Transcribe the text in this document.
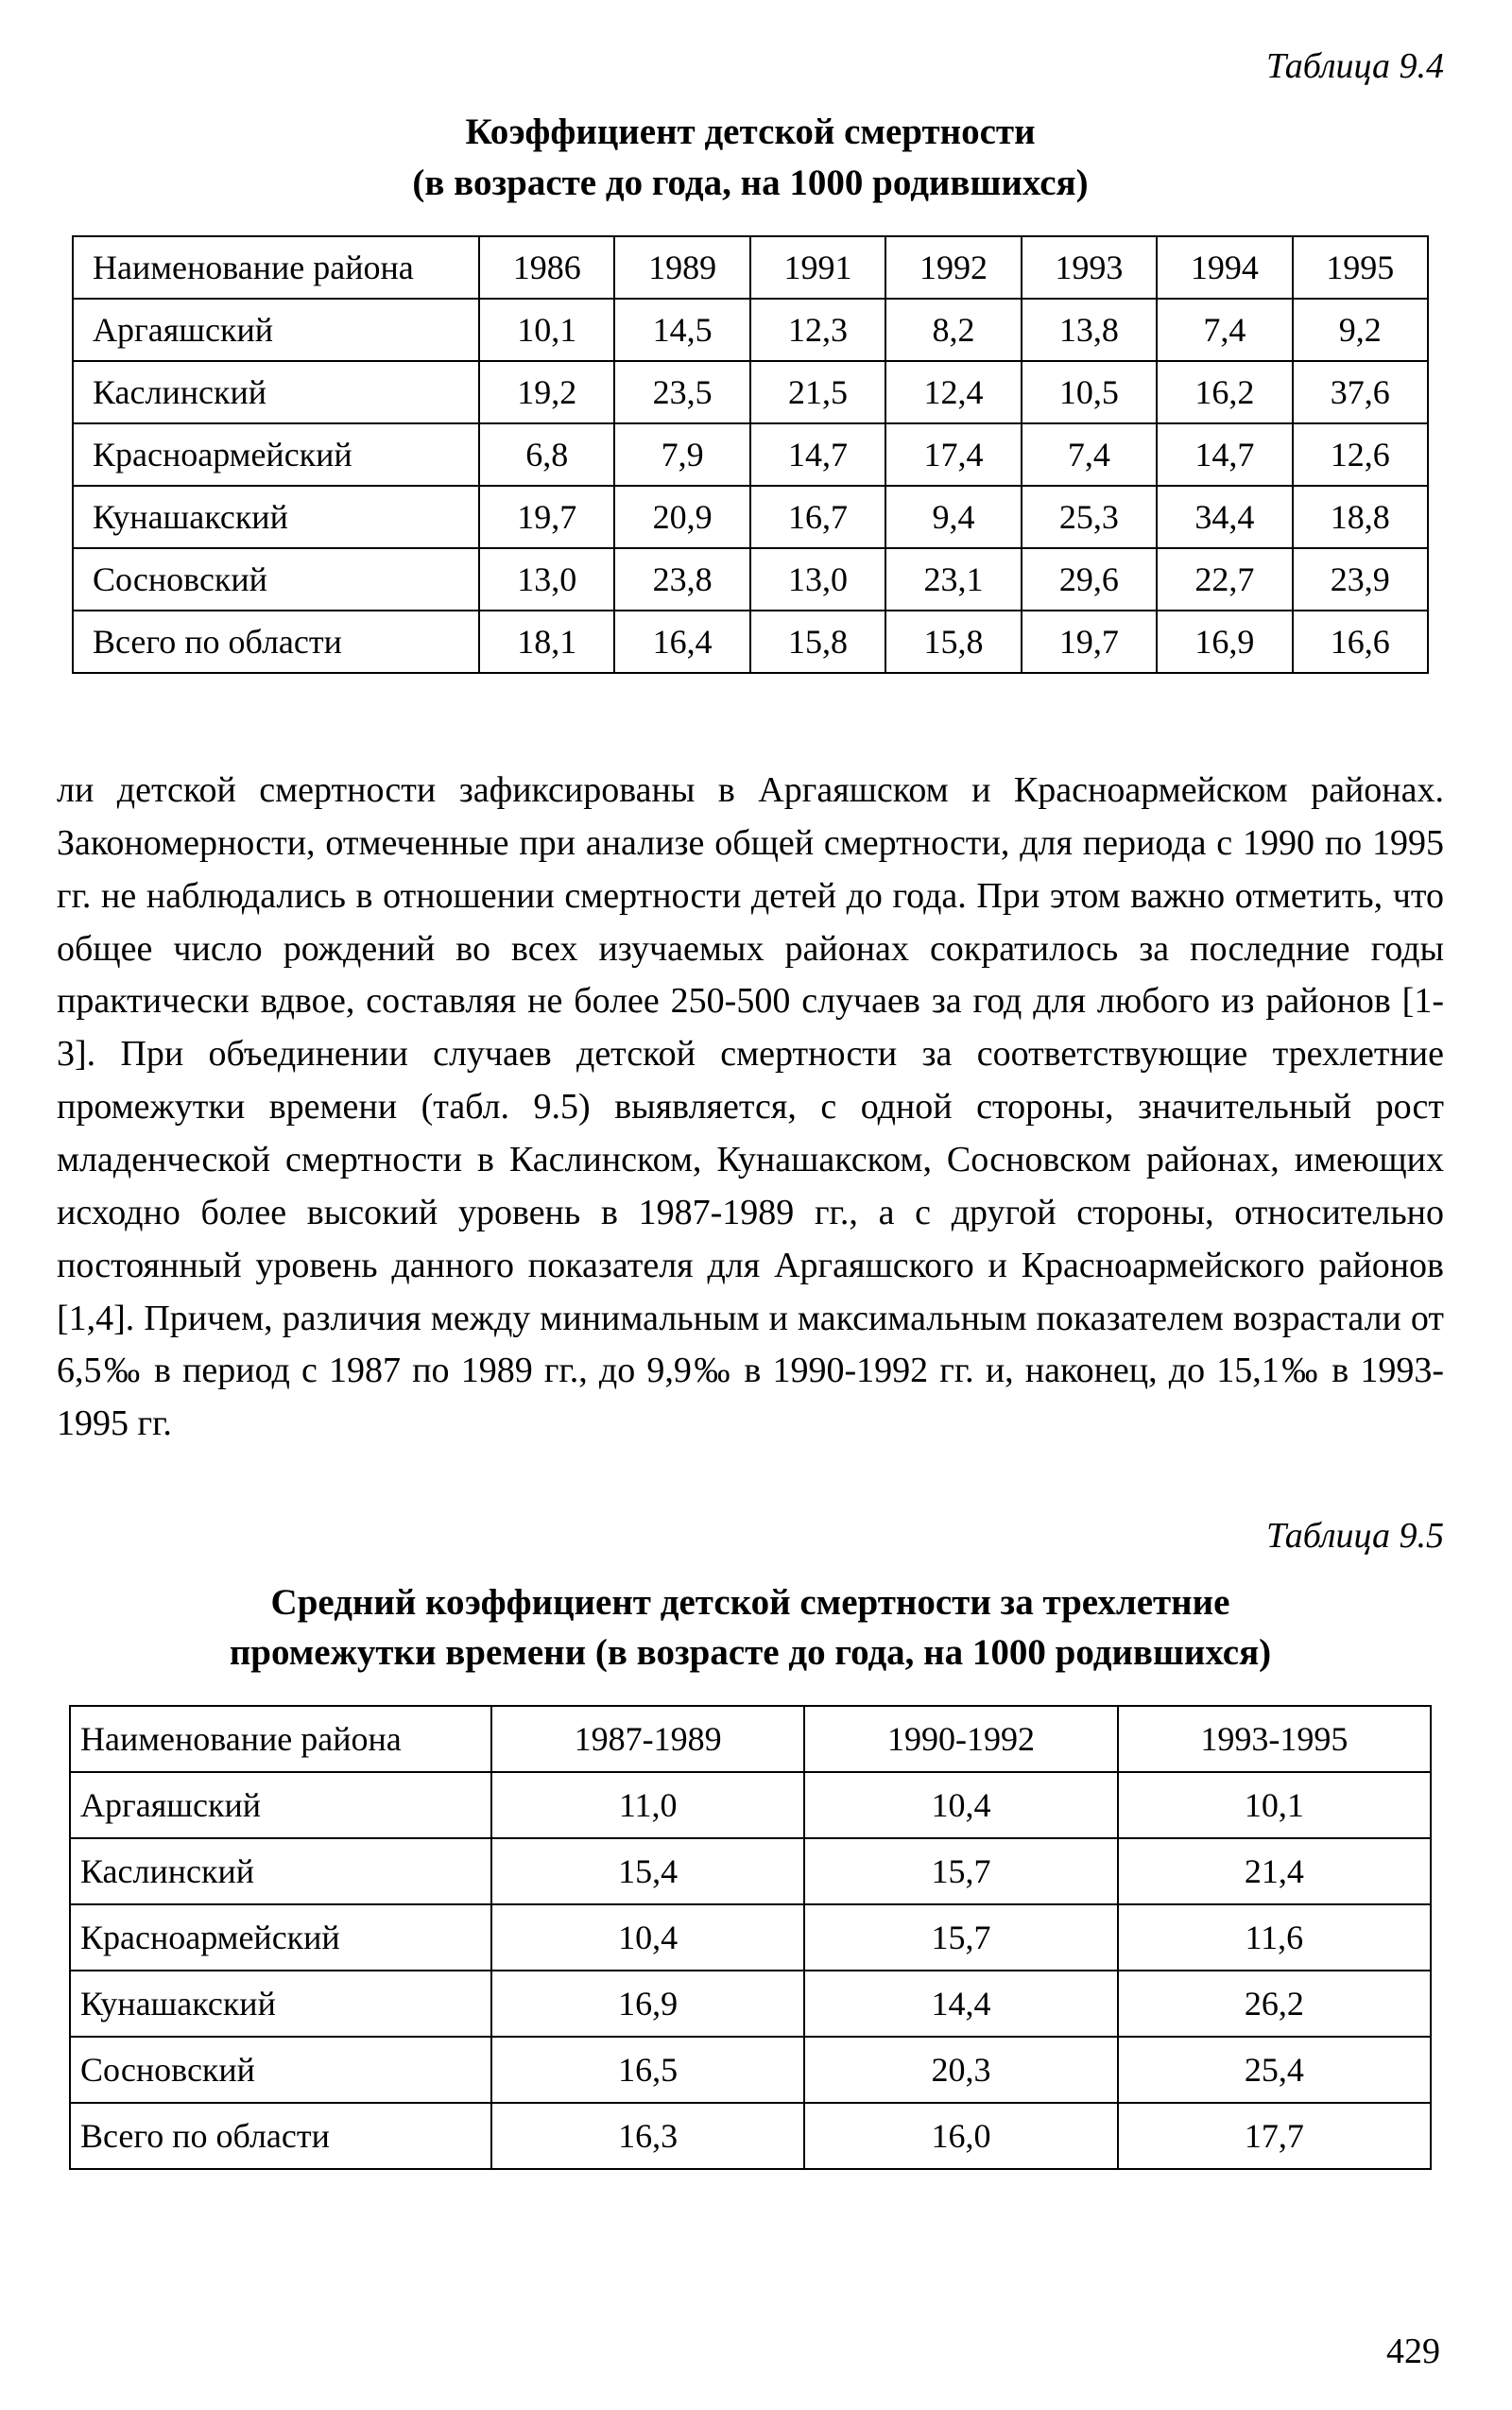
Таблица 9.4
Коэффициент детской смертности
(в возрасте до года, на 1000 родившихся)
Наименование района	1986	1989	1991	1992	1993	1994	1995
Аргаяшский	10,1	14,5	12,3	8,2	13,8	7,4	9,2
Каслинский	19,2	23,5	21,5	12,4	10,5	16,2	37,6
Красноармейский	6,8	7,9	14,7	17,4	7,4	14,7	12,6
Кунашакский	19,7	20,9	16,7	9,4	25,3	34,4	18,8
Сосновский	13,0	23,8	13,0	23,1	29,6	22,7	23,9
Всего по области	18,1	16,4	15,8	15,8	19,7	16,9	16,6

ли детской смертности зафиксированы в Аргаяшском и Красноармейском районах. Закономерности, отмеченные при анализе общей смертности, для периода с 1990 по 1995 гг. не наблюдались в отношении смертности детей до года. При этом важно отметить, что общее число рождений во всех изучаемых районах сократилось за последние годы практически вдвое, составляя не более 250-500 случаев за год для любого из районов [1-3]. При объединении случаев детской смертности за соответствующие трехлетние промежутки времени (табл. 9.5) выявляется, с одной стороны, значительный рост младенческой смертности в Каслинском, Кунашакском, Сосновском районах, имеющих исходно более высокий уровень в 1987-1989 гг., а с другой стороны, относительно постоянный уровень данного показателя для Аргаяшского и Красноармейского районов [1,4]. Причем, различия между минимальным и максимальным показателем возрастали от 6,5‰ в период с 1987 по 1989 гг., до 9,9‰ в 1990-1992 гг. и, наконец, до 15,1‰ в 1993-1995 гг.

Таблица 9.5
Средний коэффициент детской смертности за трехлетние
промежутки времени (в возрасте до года, на 1000 родившихся)
Наименование района	1987-1989	1990-1992	1993-1995
Аргаяшский	11,0	10,4	10,1
Каслинский	15,4	15,7	21,4
Красноармейский	10,4	15,7	11,6
Кунашакский	16,9	14,4	26,2
Сосновский	16,5	20,3	25,4
Всего по области	16,3	16,0	17,7
429
